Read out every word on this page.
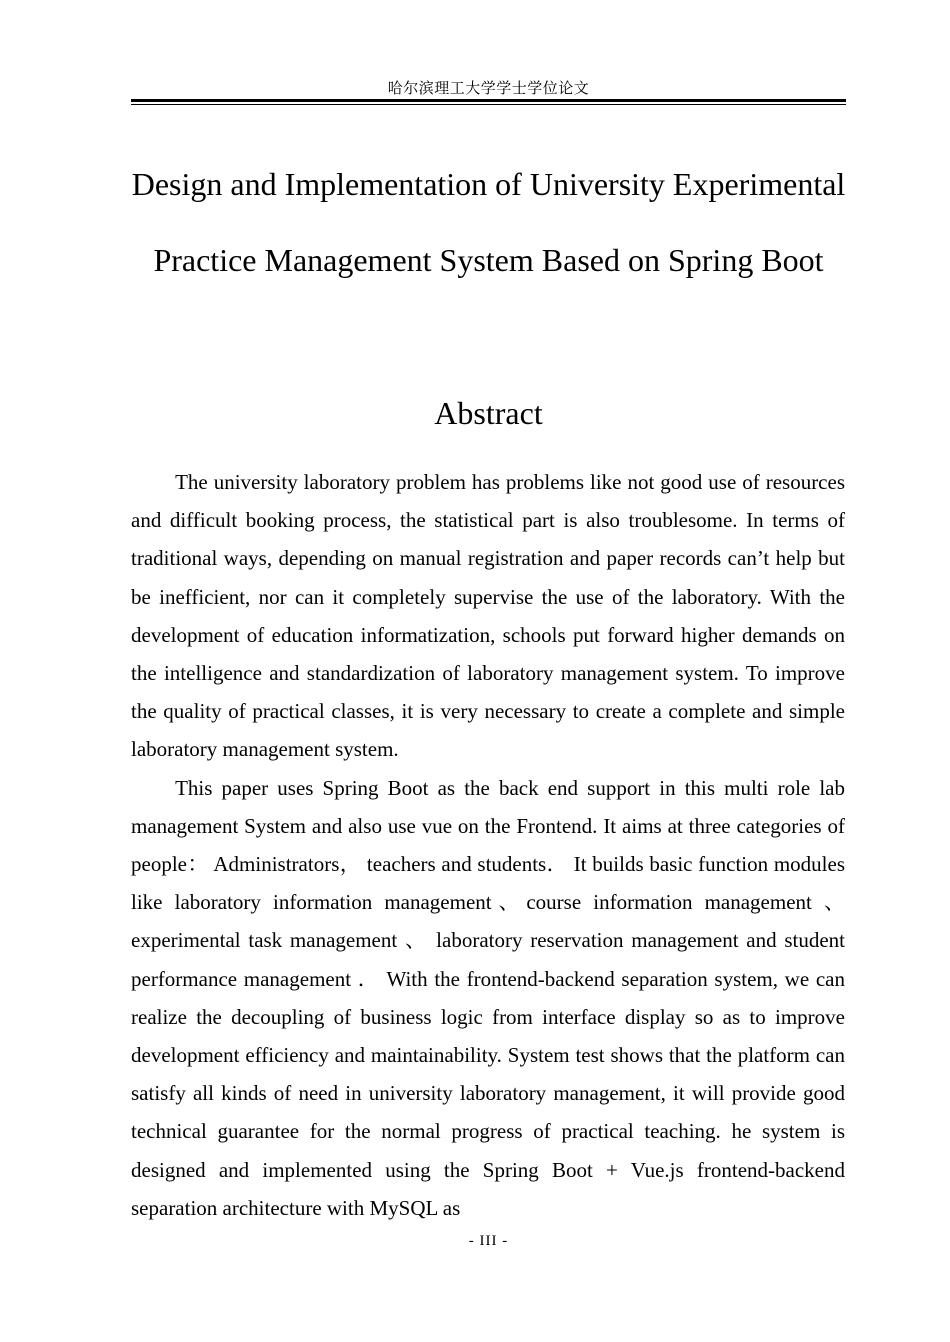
哈尔滨理工大学学士学位论文
Design and Implementation of University Experimental Practice Management System Based on Spring Boot
Abstract

The university laboratory problem has problems like not good use of resources and difficult booking process, the statistical part is also troublesome. In terms of traditional ways, depending on manual registration and paper records can’t help but be inefficient, nor can it completely supervise the use of the laboratory. With the development of education informatization, schools put forward higher demands on the intelligence and standardization of laboratory management system. To improve the quality of practical classes, it is very necessary to create a complete and simple laboratory management system.

This paper uses Spring Boot as the back end support in this multi role lab management System and also use vue on the Frontend. It aims at three categories of people： Administrators， teachers and students． It builds basic function modules like laboratory information management、course information management 、 experimental task management 、 laboratory reservation management and student performance management ． With the frontend-backend separation system, we can realize the decoupling of business logic from interface display so as to improve development efficiency and maintainability. System test shows that the platform can satisfy all kinds of need in university laboratory management, it will provide good technical guarantee for the normal progress of practical teaching. he system is designed and implemented using the Spring Boot + Vue.js frontend-backend separation architecture with MySQL as

- III -
